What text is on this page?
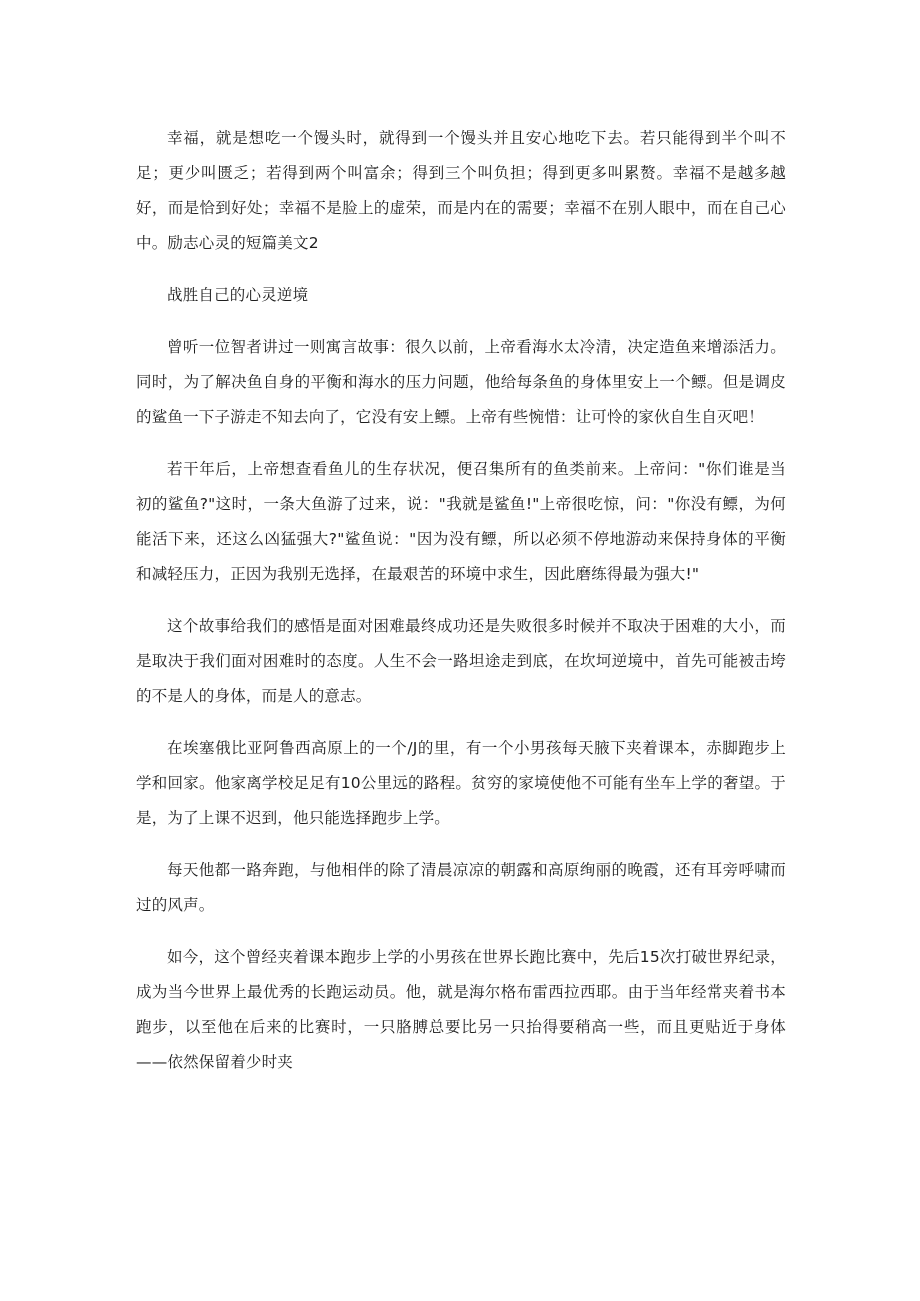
幸福，就是想吃一个馒头时，就得到一个馒头并且安心地吃下去。若只能得到半个叫不足；更少叫匮乏；若得到两个叫富余；得到三个叫负担；得到更多叫累赘。幸福不是越多越好，而是恰到好处；幸福不是脸上的虚荣，而是内在的需要；幸福不在别人眼中，而在自己心中。励志心灵的短篇美文2

战胜自己的心灵逆境

曾听一位智者讲过一则寓言故事：很久以前，上帝看海水太冷清，决定造鱼来增添活力。同时，为了解决鱼自身的平衡和海水的压力问题，他给每条鱼的身体里安上一个鳔。但是调皮的鲨鱼一下子游走不知去向了，它没有安上鳔。上帝有些惋惜：让可怜的家伙自生自灭吧！

若干年后，上帝想查看鱼儿的生存状况，便召集所有的鱼类前来。上帝问："你们谁是当初的鲨鱼?"这时，一条大鱼游了过来，说："我就是鲨鱼!"上帝很吃惊，问："你没有鳔，为何能活下来，还这么凶猛强大?"鲨鱼说："因为没有鳔，所以必须不停地游动来保持身体的平衡和减轻压力，正因为我别无选择，在最艰苦的环境中求生，因此磨练得最为强大!"

这个故事给我们的感悟是面对困难最终成功还是失败很多时候并不取决于困难的大小，而是取决于我们面对困难时的态度。人生不会一路坦途走到底，在坎坷逆境中，首先可能被击垮的不是人的身体，而是人的意志。

在埃塞俄比亚阿鲁西高原上的一个/J的里，有一个小男孩每天腋下夹着课本，赤脚跑步上学和回家。他家离学校足足有10公里远的路程。贫穷的家境使他不可能有坐车上学的奢望。于是，为了上课不迟到，他只能选择跑步上学。

每天他都一路奔跑，与他相伴的除了清晨凉凉的朝露和高原绚丽的晚霞，还有耳旁呼啸而过的风声。

如今，这个曾经夹着课本跑步上学的小男孩在世界长跑比赛中，先后15次打破世界纪录，成为当今世界上最优秀的长跑运动员。他，就是海尔格布雷西拉西耶。由于当年经常夹着书本跑步，以至他在后来的比赛时，一只胳膊总要比另一只抬得要稍高一些，而且更贴近于身体——依然保留着少时夹
